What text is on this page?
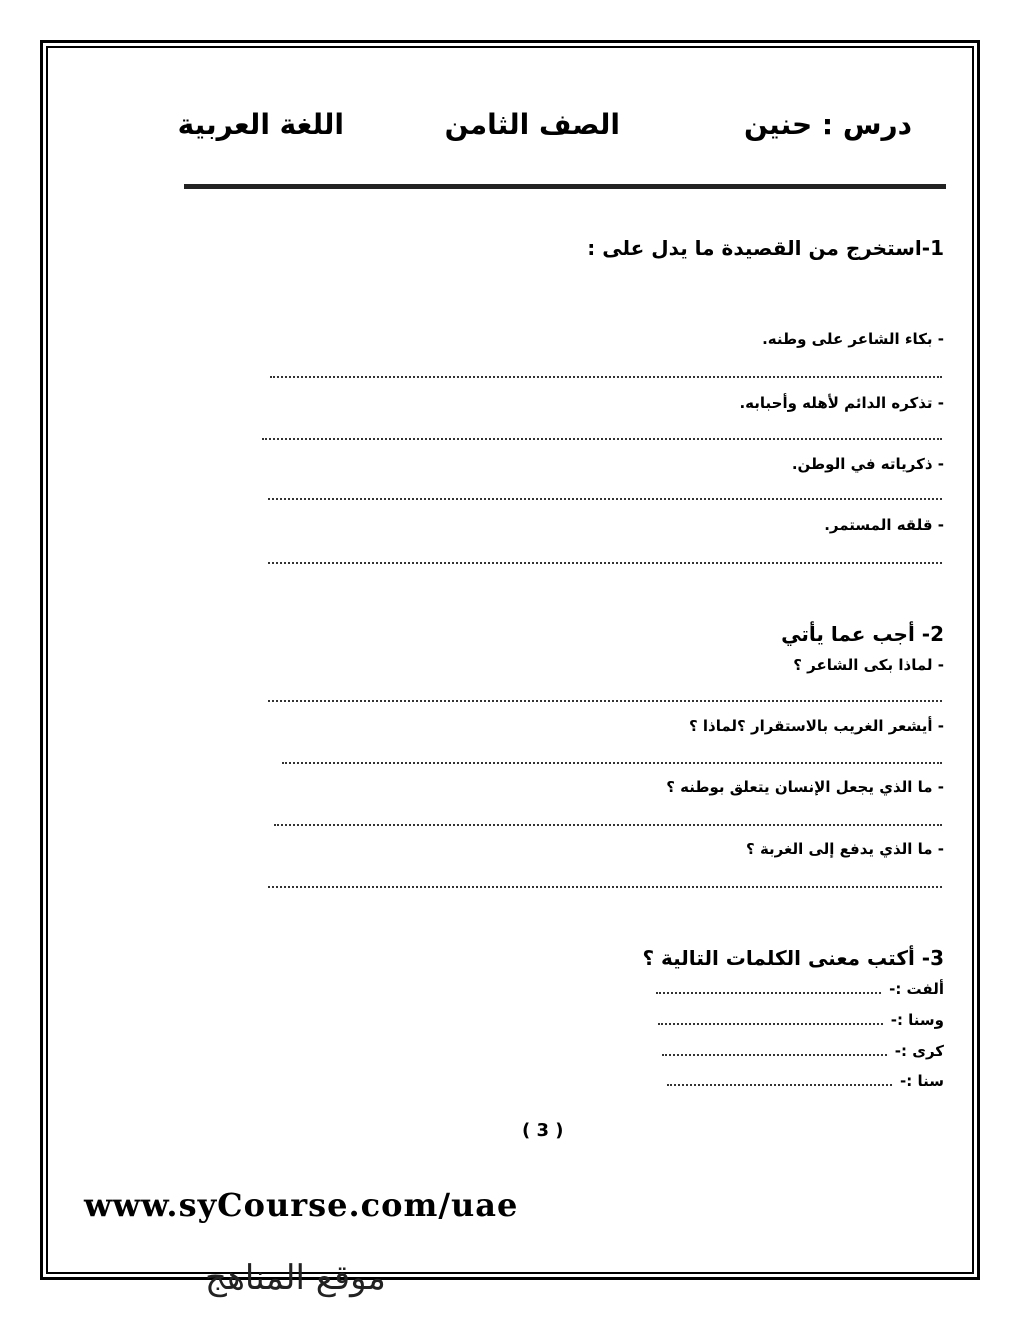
درس : حنين
الصف الثامن
اللغة العربية
1-استخرج من القصيدة ما يدل على :
- بكاء الشاعر على وطنه.
- تذكره الدائم لأهله وأحبابه.
- ذكرياته في الوطن.
- قلقه المستمر.
2- أجب عما يأتي
- لماذا بكى الشاعر ؟
- أيشعر الغريب بالاستقرار ؟لماذا ؟
- ما الذي يجعل الإنسان يتعلق بوطنه ؟
- ما الذي يدفع إلى الغربة ؟
3- أكتب معنى الكلمات التالية ؟
ألفت :-
وسنا :-
كرى :-
سنا :-
( 3 )
www.syCourse.com/uae
موقع المناهج
